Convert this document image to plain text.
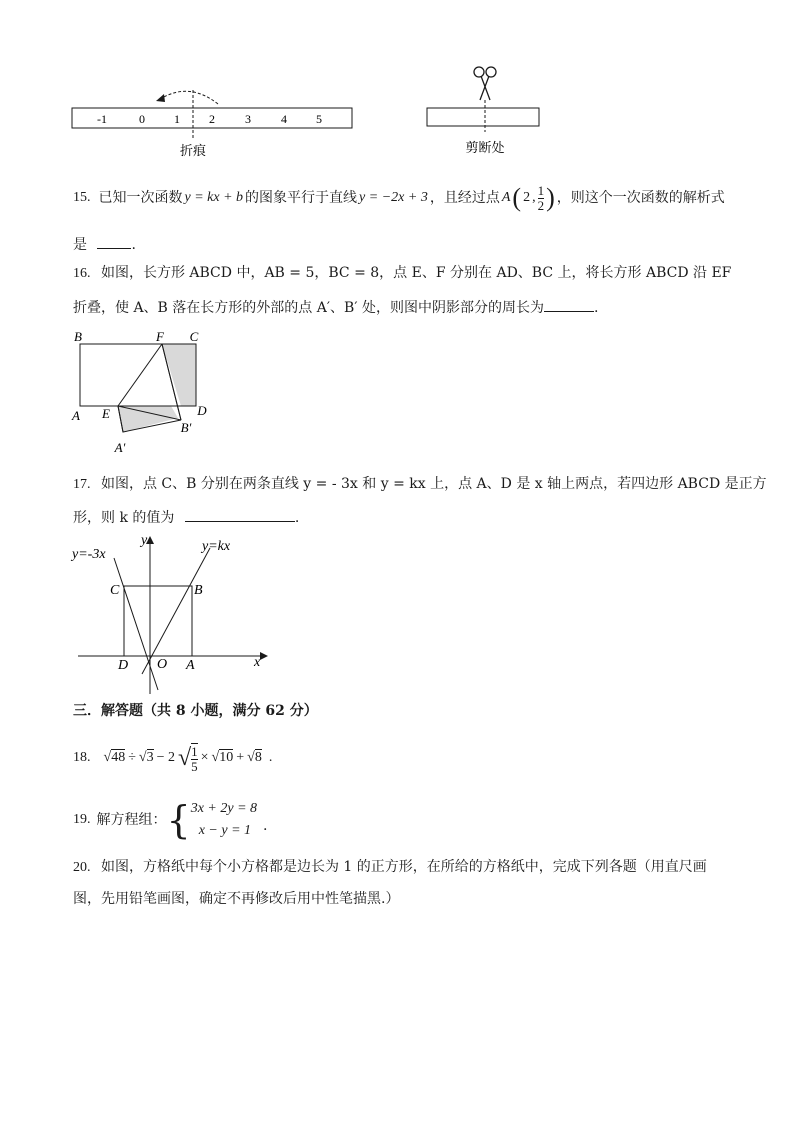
-1	0 1 2	3	4 5
折痕	剪断处
15. 已知一次函数 y = kx + b 的图象平行于直线 y = −2x + 3 ，且经过点 A ( 2 , $\frac{1}{2}$ ) ，则这个一次函数的解析式
是	.
16. 如图，长方形 ABCD 中，AB = 5，BC = 8，点 E、F 分别在 AD、BC 上，将长方形 ABCD 沿 EF
折叠，使 A、B 落在长方形的外部的点 A′、B′ 处，则图中阴影部分的周长为	.
B	F C
A E	D
B′
A′
17. 如图，点 C、B 分别在两条直线 y = - 3x 和 y = kx 上，点 A、D 是 x 轴上两点，若四边形 ABCD 是正方
形，则 k 的值为	.
y
x
O
y=-3x
y=kx
C	B
D	A
三．解答题（共 8 小题，满分 62 分）
18. √48 ÷ √3 − 2 √ $\frac{1}{5} \times √10 + √8$ .
19. 解方程组： { 3x + 2y = 8
x − y = 1 .
20. 如图，方格纸中每个小方格都是边长为 1 的正方形，在所给的方格纸中，完成下列各题（用直尺画
图，先用铅笔画图，确定不再修改后用中性笔描黑.）
